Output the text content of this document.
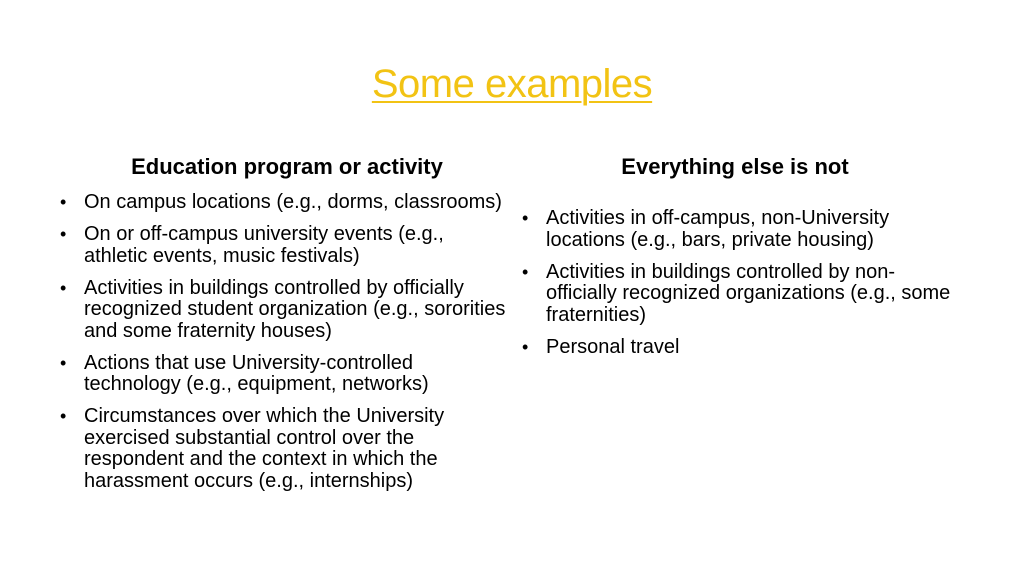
Some examples
Education program or activity
• On campus locations (e.g., dorms, classrooms)
• On or off-campus university events (e.g., athletic events, music festivals)
• Activities in buildings controlled by officially recognized student organization (e.g., sororities and some fraternity houses)
• Actions that use University-controlled technology (e.g., equipment, networks)
• Circumstances over which the University exercised substantial control over the respondent and the context in which the harassment occurs (e.g., internships)
Everything else is not
• Activities in off-campus, non-University locations (e.g., bars, private housing)
• Activities in buildings controlled by non-officially recognized organizations (e.g., some fraternities)
• Personal travel
